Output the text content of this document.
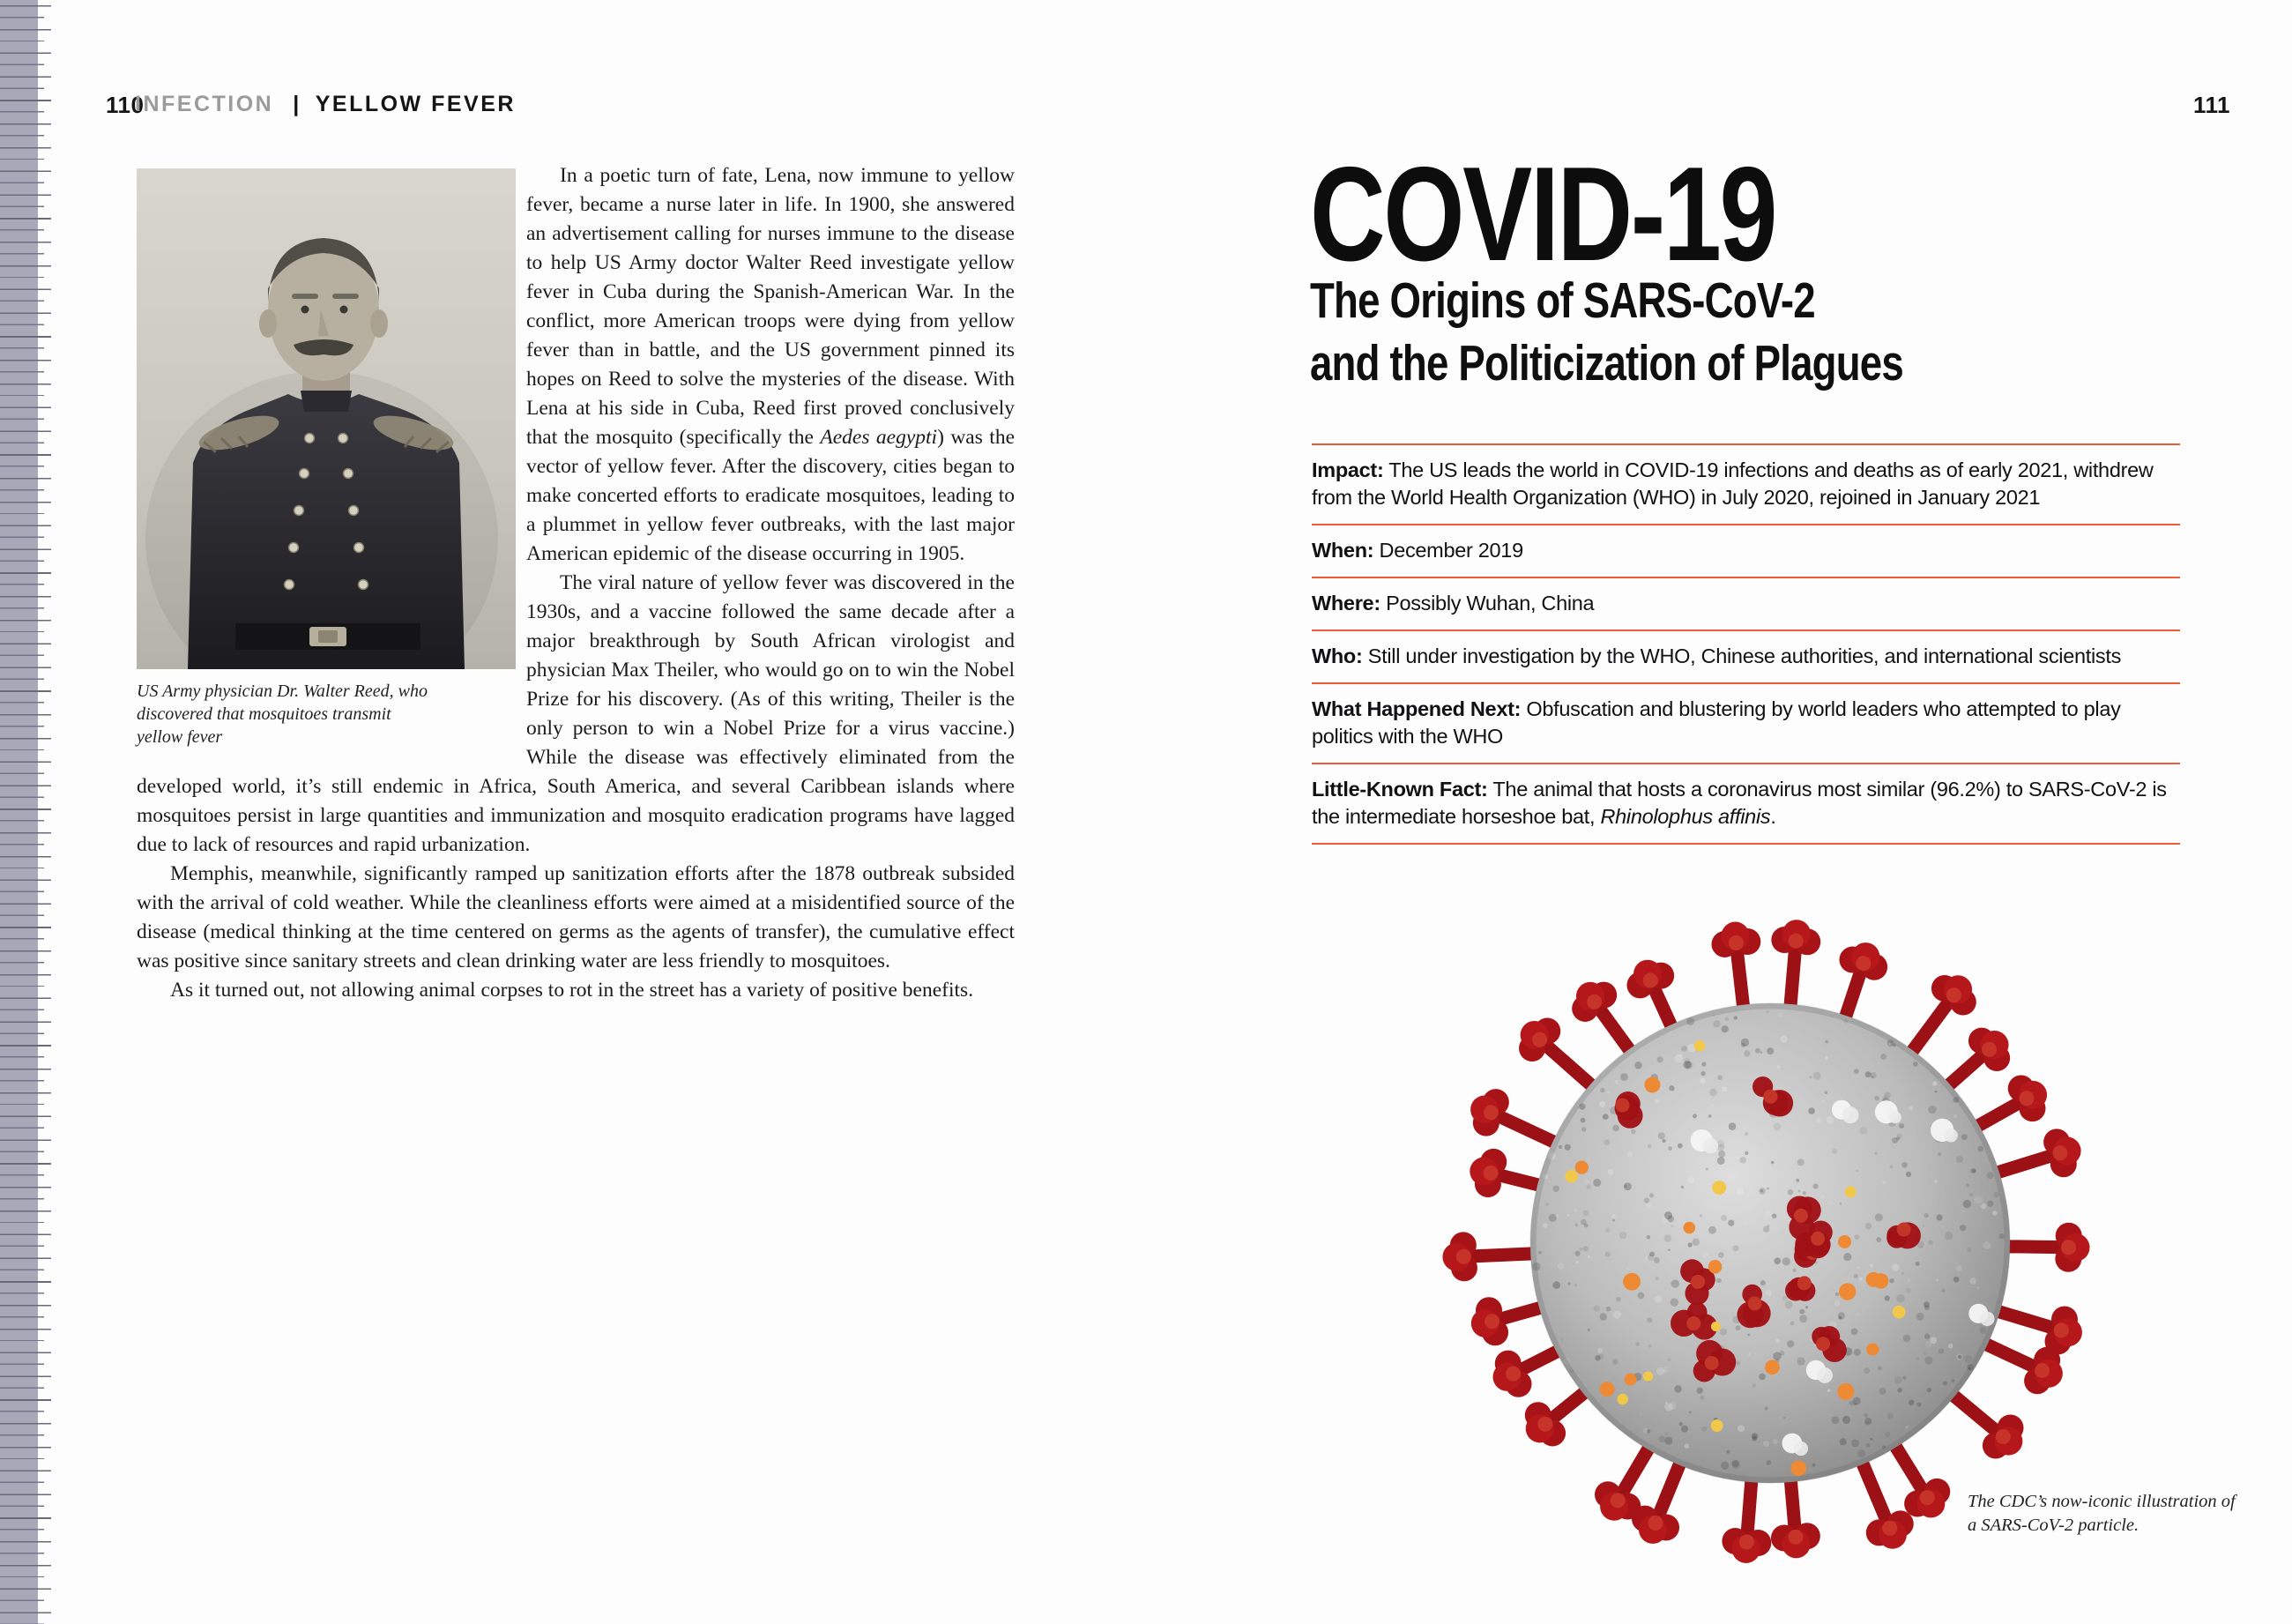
110
INFECTION | YELLOW FEVER
US Army physician Dr. Walter Reed, who discovered that mosquitoes transmit yellow fever

In a poetic turn of fate, Lena, now immune to yellow fever, became a nurse later in life. In 1900, she answered an advertisement calling for nurses immune to the disease to help US Army doctor Walter Reed investigate yellow fever in Cuba during the Spanish-American War. In the conflict, more American troops were dying from yellow fever than in battle, and the US government pinned its hopes on Reed to solve the mysteries of the disease. With Lena at his side in Cuba, Reed first proved conclusively that the mosquito (specifically the Aedes aegypti) was the vector of yellow fever. After the discovery, cities began to make concerted efforts to eradicate mosquitoes, leading to a plummet in yellow fever outbreaks, with the last major American epidemic of the disease occurring in 1905.

The viral nature of yellow fever was discovered in the 1930s, and a vaccine followed the same decade after a major breakthrough by South African virologist and physician Max Theiler, who would go on to win the Nobel Prize for his discovery. (As of this writing, Theiler is the only person to win a Nobel Prize for a virus vaccine.) While the disease was effectively eliminated from the developed world, it’s still endemic in Africa, South America, and several Caribbean islands where mosquitoes persist in large quantities and immunization and mosquito eradication programs have lagged due to lack of resources and rapid urbanization.

Memphis, meanwhile, significantly ramped up sanitization efforts after the 1878 outbreak subsided with the arrival of cold weather. While the cleanliness efforts were aimed at a misidentified source of the disease (medical thinking at the time centered on germs as the agents of transfer), the cumulative effect was positive since sanitary streets and clean drinking water are less friendly to mosquitoes.

As it turned out, not allowing animal corpses to rot in the street has a variety of positive benefits.

111
COVID-19
The Origins of SARS-CoV-2
and the Politicization of Plagues
Impact: The US leads the world in COVID-19 infections and deaths as of early 2021, withdrew from the World Health Organization (WHO) in July 2020, rejoined in January 2021
When: December 2019
Where: Possibly Wuhan, China
Who: Still under investigation by the WHO, Chinese authorities, and international scientists
What Happened Next: Obfuscation and blustering by world leaders who attempted to play politics with the WHO
Little-Known Fact: The animal that hosts a coronavirus most similar (96.2%) to SARS-CoV-2 is the intermediate horseshoe bat, Rhinolophus affinis.
The CDC’s now-iconic illustration of a SARS-CoV-2 particle.
